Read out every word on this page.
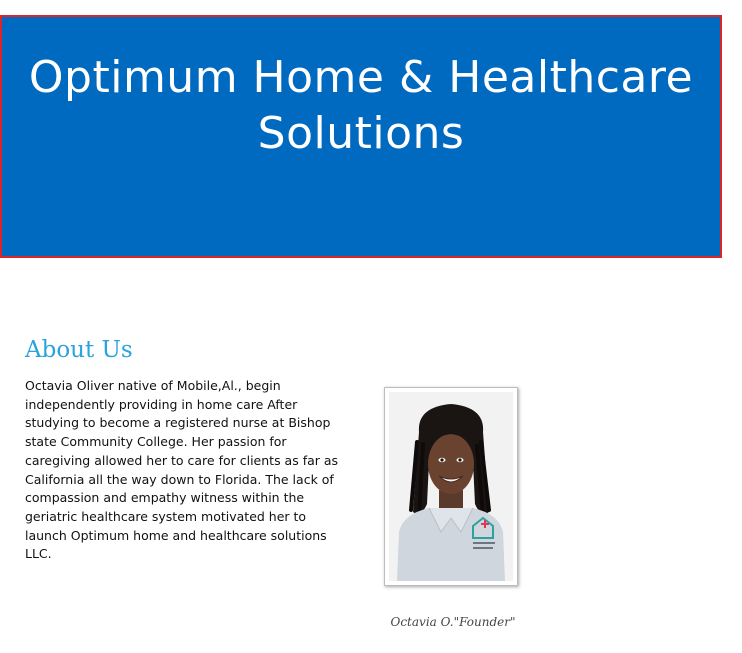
Optimum Home & Healthcare Solutions
About Us

Octavia Oliver native of Mobile,Al., begin
independently providing in home care After
studying to become a registered nurse at Bishop
state Community College. Her passion for
caregiving allowed her to care for clients as far as
California all the way down to Florida. The lack of
compassion and empathy witness within the
geriatric healthcare system motivated her to
launch Optimum home and healthcare solutions
LLC.

Octavia O."Founder"
